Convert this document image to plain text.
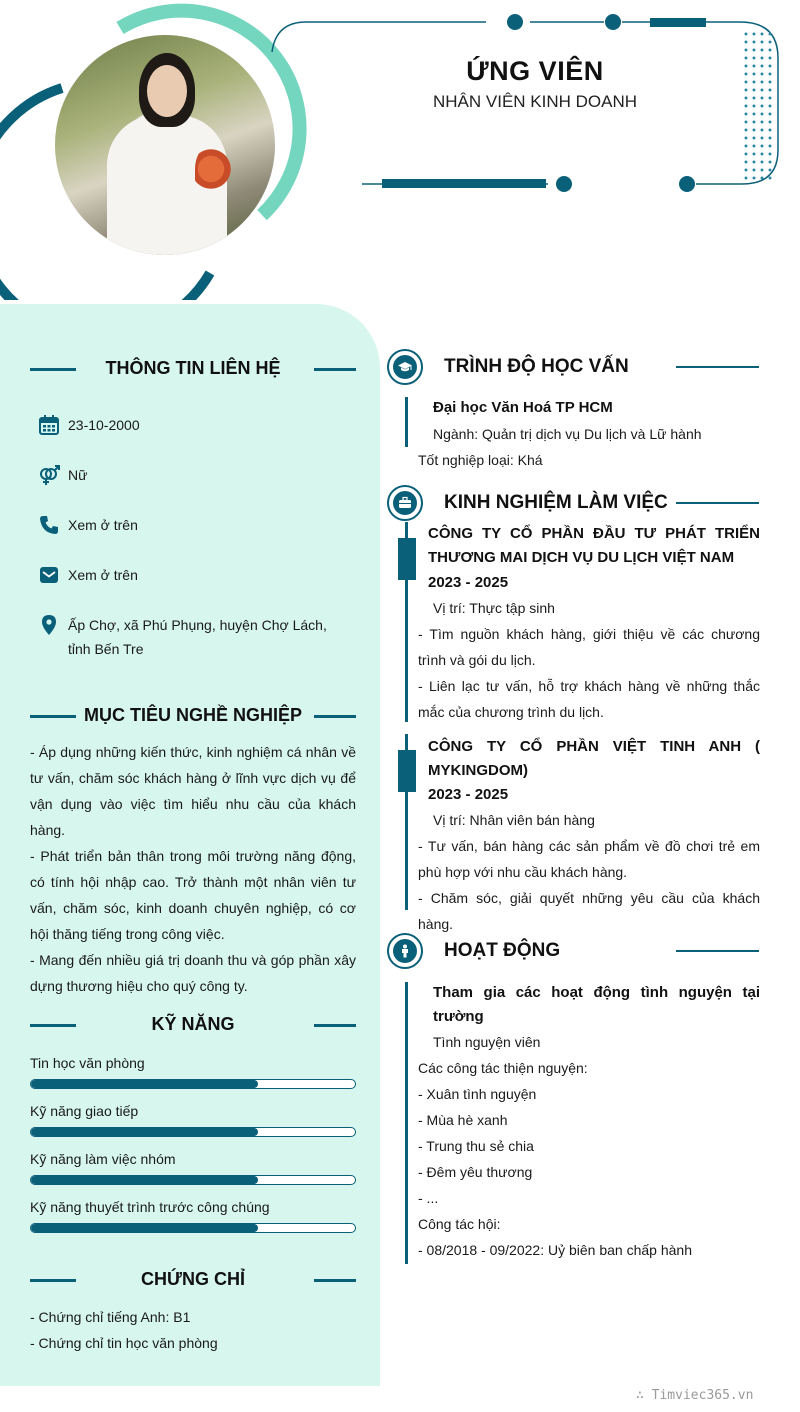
ỨNG VIÊN
NHÂN VIÊN KINH DOANH
THÔNG TIN LIÊN HỆ
23-10-2000
Nữ
Xem ở trên
Xem ở trên
Ấp Chợ, xã Phú Phụng, huyện Chợ Lách,
tỉnh Bến Tre
MỤC TIÊU NGHỀ NGHIỆP
- Áp dụng những kiến thức, kinh nghiệm cá nhân về tư vấn, chăm sóc khách hàng ở lĩnh vực dịch vụ để vận dụng vào việc tìm hiểu nhu cầu của khách hàng.
- Phát triển bản thân trong môi trường năng động, có tính hội nhập cao. Trở thành một nhân viên tư vấn, chăm sóc, kinh doanh chuyên nghiệp, có cơ hội thăng tiếng trong công việc.
- Mang đến nhiều giá trị doanh thu và góp phần xây dựng thương hiệu cho quý công ty.
KỸ NĂNG
Tin học văn phòng
Kỹ năng giao tiếp
Kỹ năng làm việc nhóm
Kỹ năng thuyết trình trước công chúng
CHỨNG CHỈ
- Chứng chỉ tiếng Anh: B1
- Chứng chỉ tin học văn phòng
TRÌNH ĐỘ HỌC VẤN
Đại học Văn Hoá TP HCM
Ngành: Quản trị dịch vụ Du lịch và Lữ hành
Tốt nghiệp loại: Khá
KINH NGHIỆM LÀM VIỆC
CÔNG TY CỔ PHẦN ĐẦU TƯ PHÁT TRIỂN THƯƠNG MAI DỊCH VỤ DU LỊCH VIỆT NAM
2023 - 2025
Vị trí: Thực tập sinh
- Tìm nguồn khách hàng, giới thiệu về các chương trình và gói du lịch.
- Liên lạc tư vấn, hỗ trợ khách hàng về những thắc mắc của chương trình du lịch.
CÔNG TY CỔ PHẦN VIỆT TINH ANH ( MYKINGDOM)
2023 - 2025
Vị trí: Nhân viên bán hàng
- Tư vấn, bán hàng các sản phẩm về đồ chơi trẻ em phù hợp với nhu cầu khách hàng.
- Chăm sóc, giải quyết những yêu cầu của khách hàng.
HOẠT ĐỘNG
Tham gia các hoạt động tình nguyện tại trường
Tình nguyện viên
Các công tác thiện nguyện:
- Xuân tình nguyện
- Mùa hè xanh
- Trung thu sẻ chia
- Đêm yêu thương
- ...
Công tác hội:
- 08/2018 - 09/2022: Uỷ biên ban chấp hành
∴ Timviec365.vn
